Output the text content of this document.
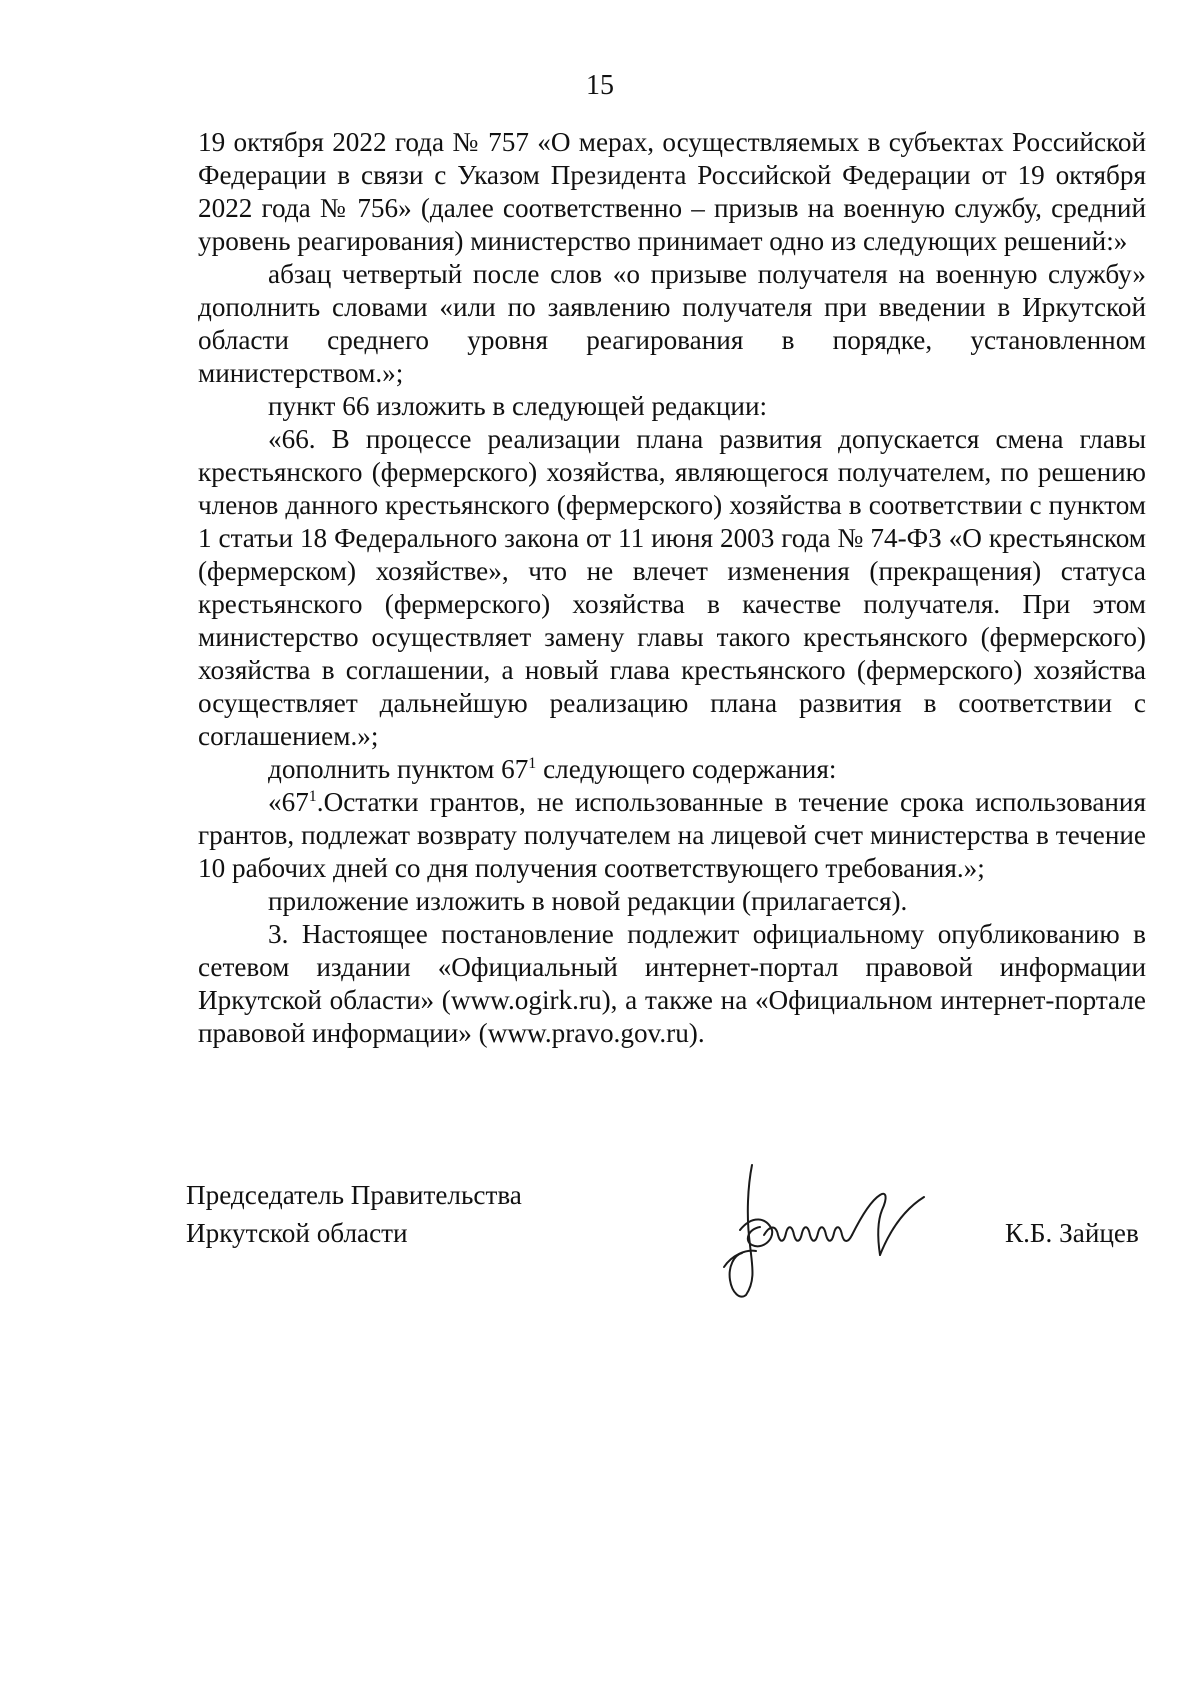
15

19 октября 2022 года № 757 «О мерах, осуществляемых в субъектах Российской Федерации в связи с Указом Президента Российской Федерации от 19 октября 2022 года № 756» (далее соответственно – призыв на военную службу, средний уровень реагирования) министерство принимает одно из следующих решений:»

абзац четвертый после слов «о призыве получателя на военную службу» дополнить словами «или по заявлению получателя при введении в Иркутской области среднего уровня реагирования в порядке, установленном министерством.»;

пункт 66 изложить в следующей редакции:

«66. В процессе реализации плана развития допускается смена главы крестьянского (фермерского) хозяйства, являющегося получателем, по решению членов данного крестьянского (фермерского) хозяйства в соответствии с пунктом 1 статьи 18 Федерального закона от 11 июня 2003 года № 74-ФЗ «О крестьянском (фермерском) хозяйстве», что не влечет изменения (прекращения) статуса крестьянского (фермерского) хозяйства в качестве получателя. При этом министерство осуществляет замену главы такого крестьянского (фермерского) хозяйства в соглашении, а новый глава крестьянского (фермерского) хозяйства осуществляет дальнейшую реализацию плана развития в соответствии с соглашением.»;

дополнить пунктом $67^1$ следующего содержания:

«$67^1.Остатки$ грантов, не использованные в течение срока использования грантов, подлежат возврату получателем на лицевой счет министерства в течение 10 рабочих дней со дня получения соответствующего требования.»;

приложение изложить в новой редакции (прилагается).

3. Настоящее постановление подлежит официальному опубликованию в сетевом издании «Официальный интернет-портал правовой информации Иркутской области» (www.ogirk.ru), а также на «Официальном интернет-портале правовой информации» (www.pravo.gov.ru).

Председатель Правительства
Иркутской области	К.Б. Зайцев
